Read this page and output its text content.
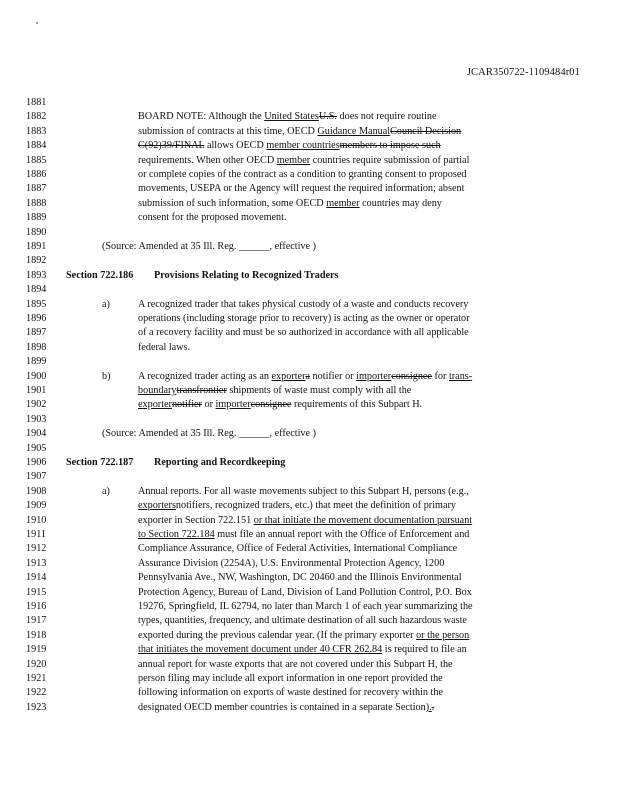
JCAR350722-1109484r01
1881
1882	BOARD NOTE: Although the United StatesU.S. does not require routine
1883	submission of contracts at this time, OECD Guidance ManualCouncil Decision
1884	C(92)39/FINAL allows OECD member countriesmembers to impose such
1885	requirements. When other OECD member countries require submission of partial
1886	or complete copies of the contract as a condition to granting consent to proposed
1887	movements, USEPA or the Agency will request the required information; absent
1888	submission of such information, some OECD member countries may deny
1889	consent for the proposed movement.
1890
1891	(Source: Amended at 35 Ill. Reg. ______, effective )
1892
1893	Section 722.186 Provisions Relating to Recognized Traders
1894
1895	a)	A recognized trader that takes physical custody of a waste and conducts recovery
1896	operations (including storage prior to recovery) is acting as the owner or operator
1897	of a recovery facility and must be so authorized in accordance with all applicable
1898	federal laws.
1899
1900	b)	A recognized trader acting as an exportera notifier or importerconsignee for trans-
1901	boundarytransfrontier shipments of waste must comply with all the
1902	exporternotifier or importerconsignee requirements of this Subpart H.
1903
1904	(Source: Amended at 35 Ill. Reg. ______, effective )
1905
1906	Section 722.187 Reporting and Recordkeeping
1907
1908	a)	Annual reports. For all waste movements subject to this Subpart H, persons (e.g.,
1909	exportersnotifiers, recognized traders, etc.) that meet the definition of primary
1910	exporter in Section 722.151 or that initiate the movement documentation pursuant
1911	to Section 722.184 must file an annual report with the Office of Enforcement and
1912	Compliance Assurance, Office of Federal Activities, International Compliance
1913	Assurance Division (2254A), U.S. Environmental Protection Agency, 1200
1914	Pennsylvania Ave., NW, Washington, DC 20460 and the Illinois Environmental
1915	Protection Agency, Bureau of Land, Division of Land Pollution Control, P.O. Box
1916	19276, Springfield, IL 62794, no later than March 1 of each year summarizing the
1917	types, quantities, frequency, and ultimate destination of all such hazardous waste
1918	exported during the previous calendar year. (If the primary exporter or the person
1919	that initiates the movement document under 40 CFR 262.84 is required to file an
1920	annual report for waste exports that are not covered under this Subpart H, the
1921	person filing may include all export information in one report provided the
1922	following information on exports of waste destined for recovery within the
1923	designated OECD member countries is contained in a separate Section)..
